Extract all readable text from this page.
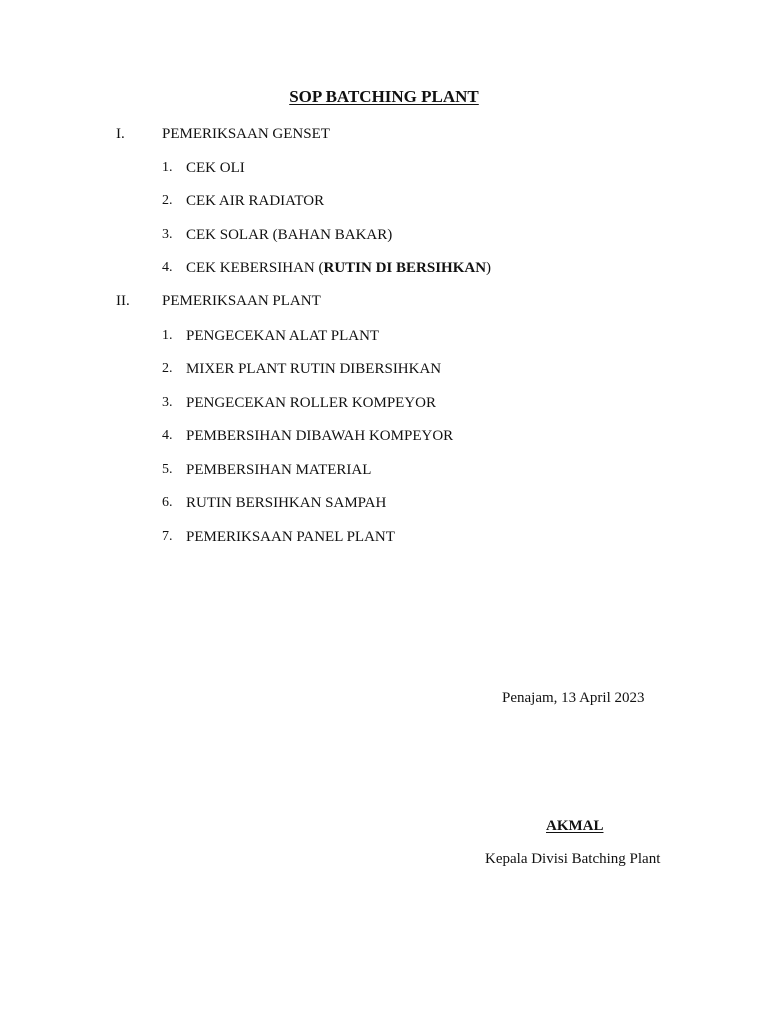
SOP BATCHING PLANT
I. PEMERIKSAAN GENSET
1. CEK OLI
2. CEK AIR RADIATOR
3. CEK SOLAR (BAHAN BAKAR)
4. CEK KEBERSIHAN (RUTIN DI BERSIHKAN)
II. PEMERIKSAAN PLANT
1. PENGECEKAN ALAT PLANT
2. MIXER PLANT RUTIN DIBERSIHKAN
3. PENGECEKAN ROLLER KOMPEYOR
4. PEMBERSIHAN DIBAWAH KOMPEYOR
5. PEMBERSIHAN MATERIAL
6. RUTIN BERSIHKAN SAMPAH
7. PEMERIKSAAN PANEL PLANT
Penajam, 13 April 2023
AKMAL
Kepala Divisi Batching Plant
